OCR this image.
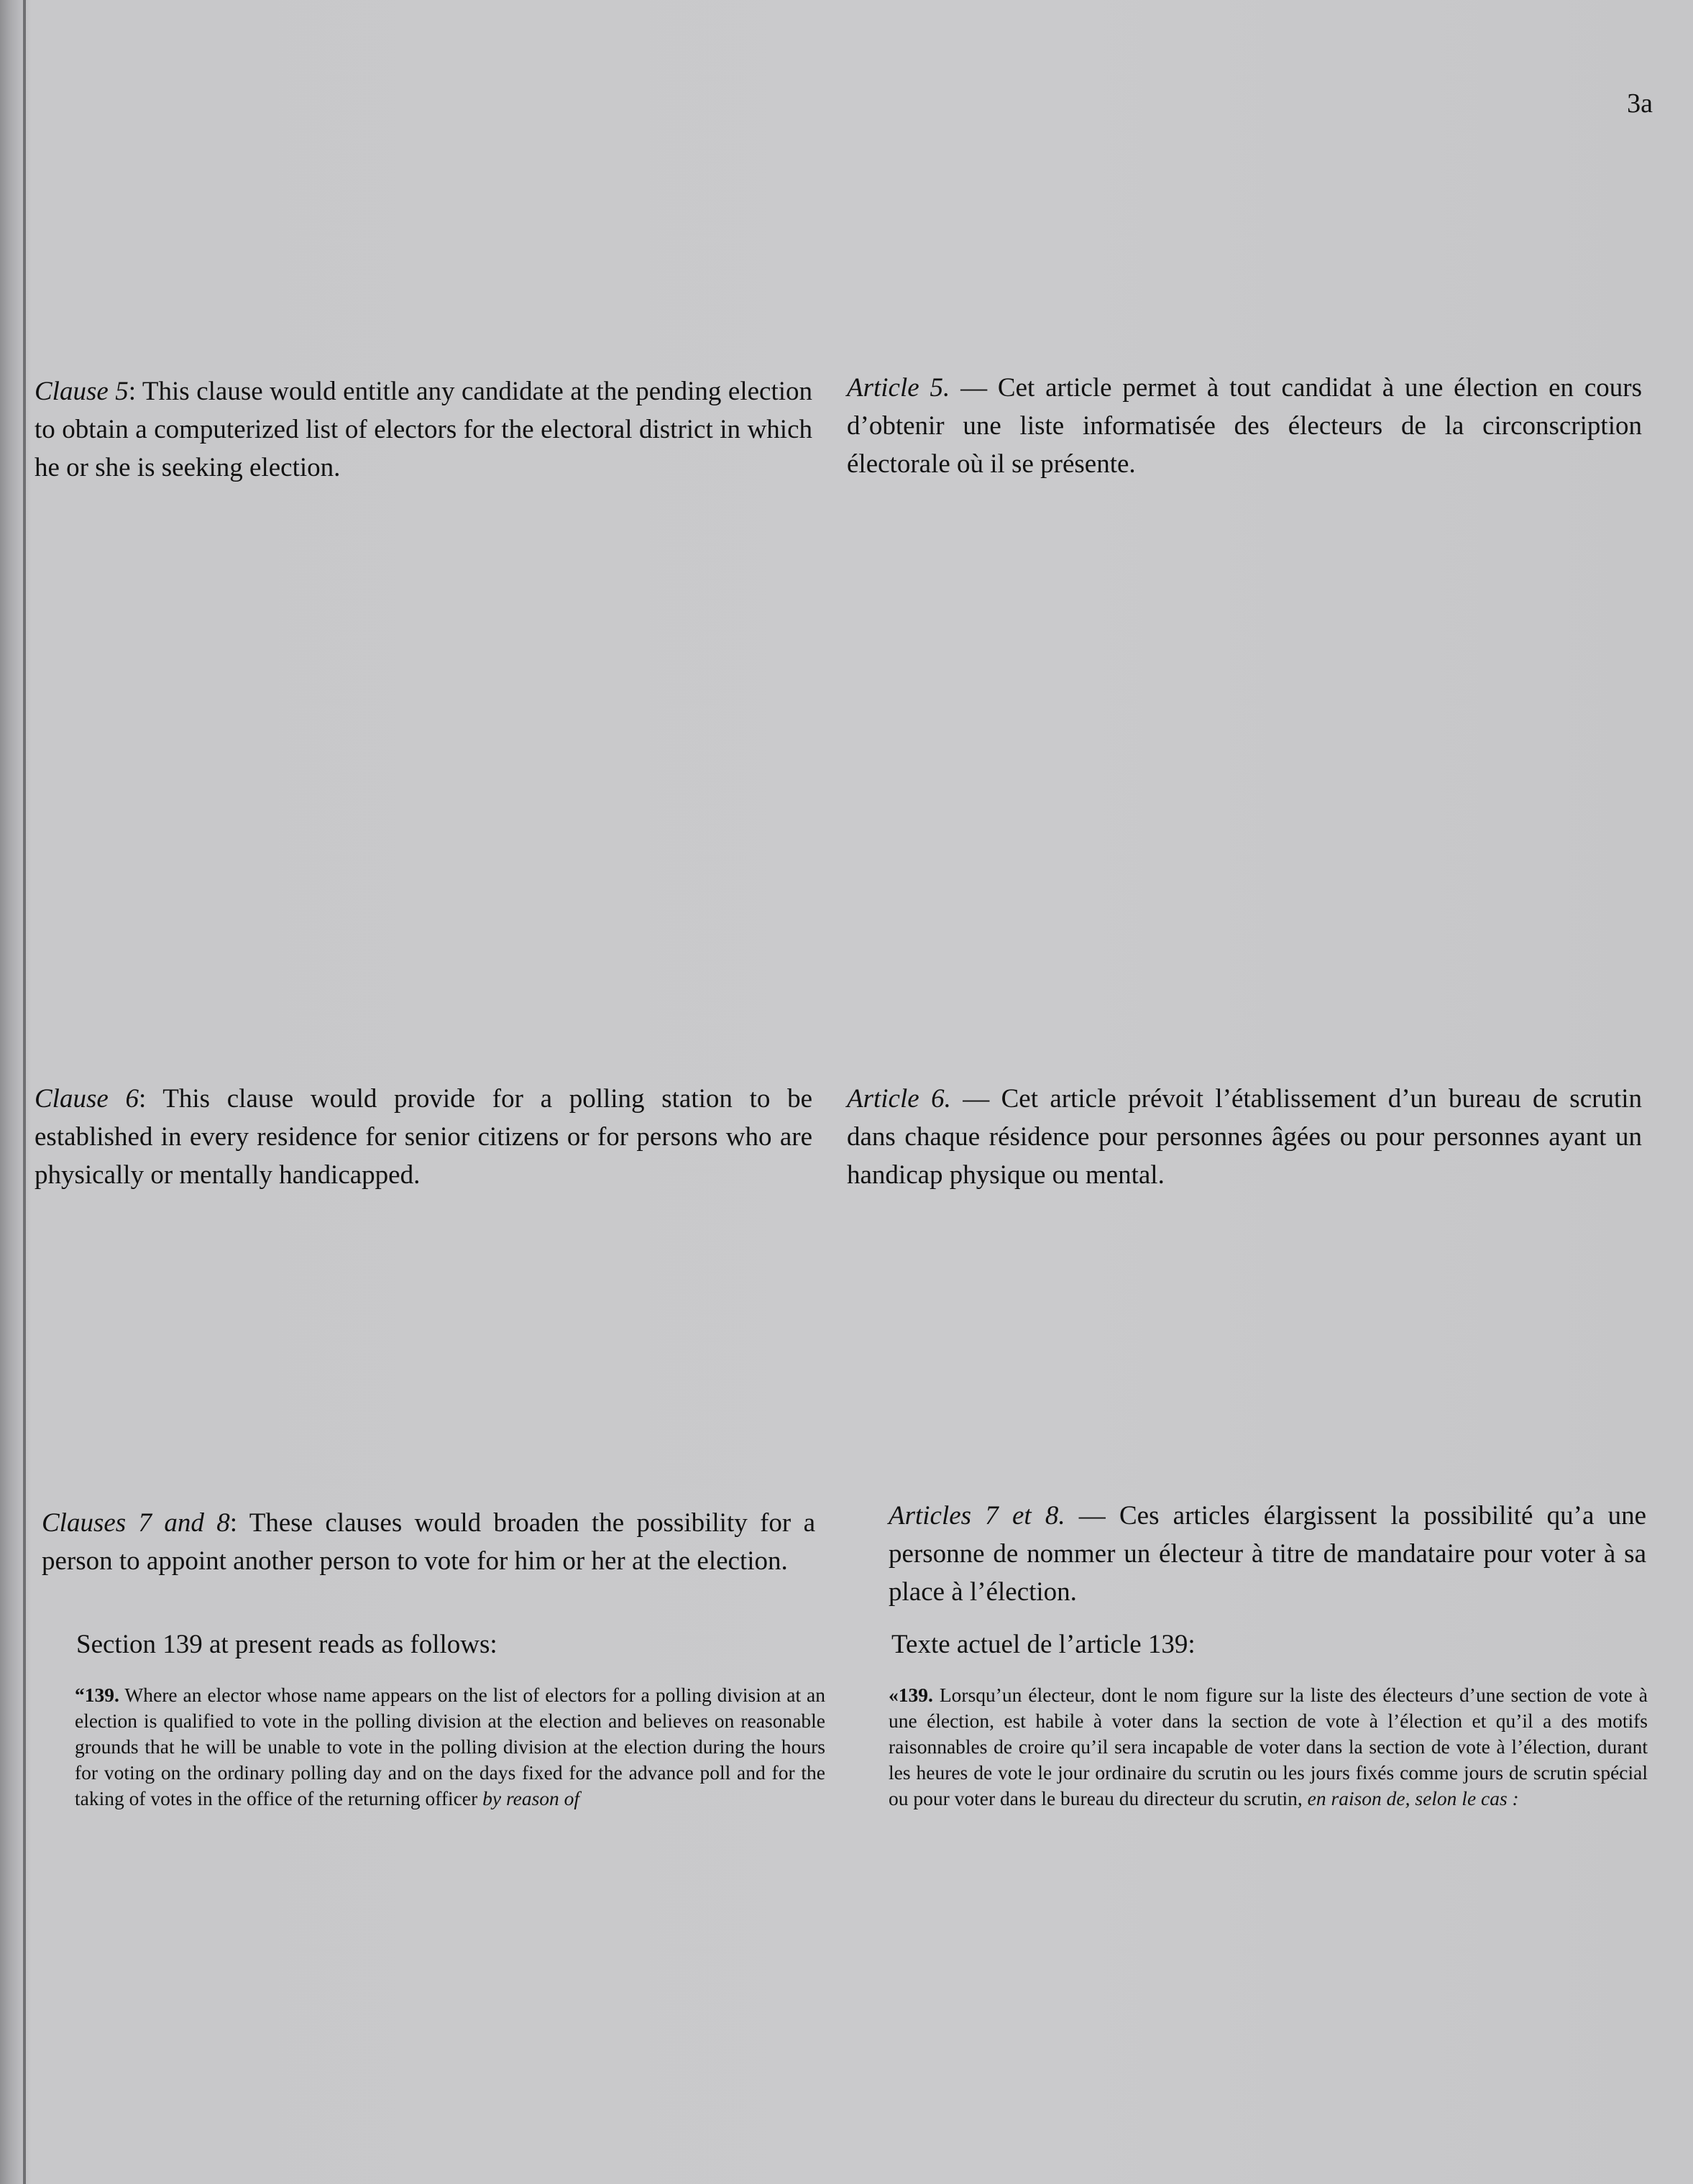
3a
Clause 5: This clause would entitle any candidate at the pending election to obtain a computerized list of electors for the electoral district in which he or she is seeking election.
Article 5. — Cet article permet à tout candidat à une élection en cours d’obtenir une liste informatisée des électeurs de la circonscription électorale où il se présente.
Clause 6: This clause would provide for a polling station to be established in every residence for senior citizens or for persons who are physically or mentally handicapped.
Article 6. — Cet article prévoit l’établissement d’un bureau de scrutin dans chaque résidence pour personnes âgées ou pour personnes ayant un handicap physique ou mental.
Clauses 7 and 8: These clauses would broaden the possibility for a person to appoint another person to vote for him or her at the election.
Articles 7 et 8. — Ces articles élargissent la possibilité qu’a une personne de nommer un électeur à titre de mandataire pour voter à sa place à l’élection.
Section 139 at present reads as follows:	Texte actuel de l’article 139:
“139. Where an elector whose name appears on the list of electors for a polling division at an election is qualified to vote in the polling division at the election and believes on reasonable grounds that he will be unable to vote in the polling division at the election during the hours for voting on the ordinary polling day and on the days fixed for the advance poll and for the taking of votes in the office of the returning officer by reason of
«139. Lorsqu’un électeur, dont le nom figure sur la liste des électeurs d’une section de vote à une élection, est habile à voter dans la section de vote à l’élection et qu’il a des motifs raisonnables de croire qu’il sera incapable de voter dans la section de vote à l’élection, durant les heures de vote le jour ordinaire du scrutin ou les jours fixés comme jours de scrutin spécial ou pour voter dans le bureau du directeur du scrutin, en raison de, selon le cas :
